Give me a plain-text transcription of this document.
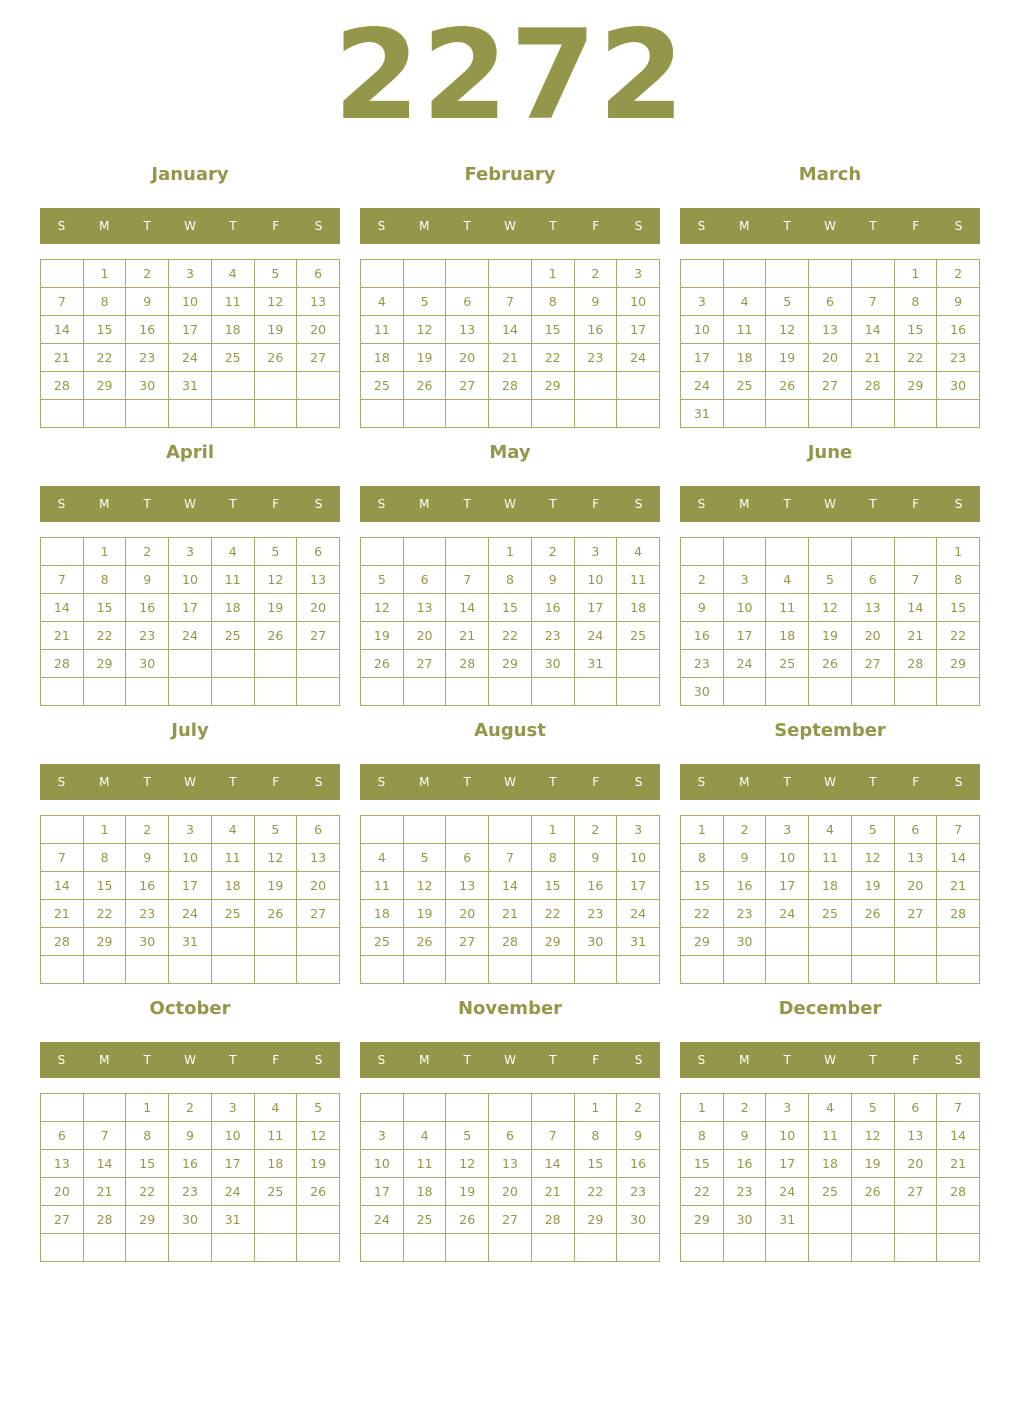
2272
January
S	M	T	W	T	F	S
	1	2	3	4	5	6
7	8	9	10	11	12	13
14	15	16	17	18	19	20
21	22	23	24	25	26	27
28	29	30	31			

February
S	M	T	W	T	F	S
				1	2	3
4	5	6	7	8	9	10
11	12	13	14	15	16	17
18	19	20	21	22	23	24
25	26	27	28	29		

March
S	M	T	W	T	F	S
					1	2
3	4	5	6	7	8	9
10	11	12	13	14	15	16
17	18	19	20	21	22	23
24	25	26	27	28	29	30
31						
April
S	M	T	W	T	F	S
	1	2	3	4	5	6
7	8	9	10	11	12	13
14	15	16	17	18	19	20
21	22	23	24	25	26	27
28	29	30				

May
S	M	T	W	T	F	S
			1	2	3	4
5	6	7	8	9	10	11
12	13	14	15	16	17	18
19	20	21	22	23	24	25
26	27	28	29	30	31	

June
S	M	T	W	T	F	S
						1
2	3	4	5	6	7	8
9	10	11	12	13	14	15
16	17	18	19	20	21	22
23	24	25	26	27	28	29
30						
July
S	M	T	W	T	F	S
	1	2	3	4	5	6
7	8	9	10	11	12	13
14	15	16	17	18	19	20
21	22	23	24	25	26	27
28	29	30	31			

August
S	M	T	W	T	F	S
				1	2	3
4	5	6	7	8	9	10
11	12	13	14	15	16	17
18	19	20	21	22	23	24
25	26	27	28	29	30	31

September
S	M	T	W	T	F	S
1	2	3	4	5	6	7
8	9	10	11	12	13	14
15	16	17	18	19	20	21
22	23	24	25	26	27	28
29	30					

October
S	M	T	W	T	F	S
		1	2	3	4	5
6	7	8	9	10	11	12
13	14	15	16	17	18	19
20	21	22	23	24	25	26
27	28	29	30	31		

November
S	M	T	W	T	F	S
					1	2
3	4	5	6	7	8	9
10	11	12	13	14	15	16
17	18	19	20	21	22	23
24	25	26	27	28	29	30

December
S	M	T	W	T	F	S
1	2	3	4	5	6	7
8	9	10	11	12	13	14
15	16	17	18	19	20	21
22	23	24	25	26	27	28
29	30	31				
